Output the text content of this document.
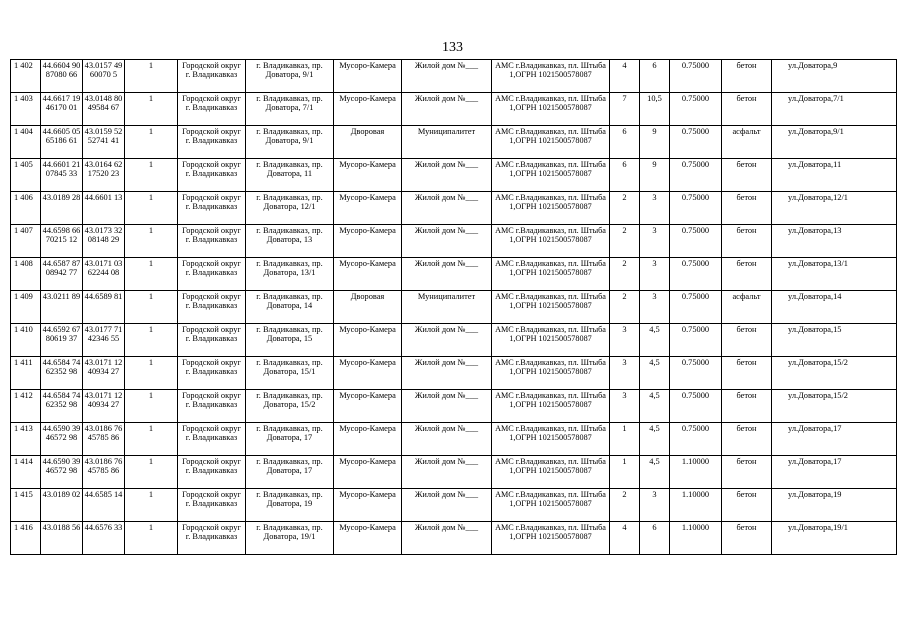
133
1 402	44.6604 9087080 66	43.0157 4960070 5	1	Городской округ г. Владикавказ	г. Владикавказ, пр. Доватора, 9/1	Мусоро-Камера	Жилой дом №___	АМС г.Владикавказ, пл. Штыба 1,ОГРН 1021500578087	4	6	0.75000	бетон	ул.Доватора,9
1 403	44.6617 1946170 01	43.0148 8049584 67	1	Городской округ г. Владикавказ	г. Владикавказ, пр. Доватора, 7/1	Мусоро-Камера	Жилой дом №___	АМС г.Владикавказ, пл. Штыба 1,ОГРН 1021500578087	7	10,5	0.75000	бетон	ул.Доватора,7/1
1 404	44.6605 0565186 61	43.0159 5252741 41	1	Городской округ г. Владикавказ	г. Владикавказ, пр. Доватора, 9/1	Дворовая	Муниципалитет	АМС г.Владикавказ, пл. Штыба 1,ОГРН 1021500578087	6	9	0.75000	асфальт	ул.Доватора,9/1
1 405	44.6601 2107845 33	43.0164 6217520 23	1	Городской округ г. Владикавказ	г. Владикавказ, пр. Доватора, 11	Мусоро-Камера	Жилой дом №___	АМС г.Владикавказ, пл. Штыба 1,ОГРН 1021500578087	6	9	0.75000	бетон	ул.Доватора,11
1 406	43.0189 28	44.6601 13	1	Городской округ г. Владикавказ	г. Владикавказ, пр. Доватора, 12/1	Мусоро-Камера	Жилой дом №___	АМС г.Владикавказ, пл. Штыба 1,ОГРН 1021500578087	2	3	0.75000	бетон	ул.Доватора,12/1
1 407	44.6598 6670215 12	43.0173 3208148 29	1	Городской округ г. Владикавказ	г. Владикавказ, пр. Доватора, 13	Мусоро-Камера	Жилой дом №___	АМС г.Владикавказ, пл. Штыба 1,ОГРН 1021500578087	2	3	0.75000	бетон	ул.Доватора,13
1 408	44.6587 8708942 77	43.0171 0362244 08	1	Городской округ г. Владикавказ	г. Владикавказ, пр. Доватора, 13/1	Мусоро-Камера	Жилой дом №___	АМС г.Владикавказ, пл. Штыба 1,ОГРН 1021500578087	2	3	0.75000	бетон	ул.Доватора,13/1
1 409	43.0211 89	44.6589 81	1	Городской округ г. Владикавказ	г. Владикавказ, пр. Доватора, 14	Дворовая	Муниципалитет	АМС г.Владикавказ, пл. Штыба 1,ОГРН 1021500578087	2	3	0.75000	асфальт	ул.Доватора,14
1 410	44.6592 6780619 37	43.0177 7142346 55	1	Городской округ г. Владикавказ	г. Владикавказ, пр. Доватора, 15	Мусоро-Камера	Жилой дом №___	АМС г.Владикавказ, пл. Штыба 1,ОГРН 1021500578087	3	4,5	0.75000	бетон	ул.Доватора,15
1 411	44.6584 7462352 98	43.0171 1240934 27	1	Городской округ г. Владикавказ	г. Владикавказ, пр. Доватора, 15/1	Мусоро-Камера	Жилой дом №___	АМС г.Владикавказ, пл. Штыба 1,ОГРН 1021500578087	3	4,5	0.75000	бетон	ул.Доватора,15/2
1 412	44.6584 7462352 98	43.0171 1240934 27	1	Городской округ г. Владикавказ	г. Владикавказ, пр. Доватора, 15/2	Мусоро-Камера	Жилой дом №___	АМС г.Владикавказ, пл. Штыба 1,ОГРН 1021500578087	3	4,5	0.75000	бетон	ул.Доватора,15/2
1 413	44.6590 3946572 98	43.0186 7645785 86	1	Городской округ г. Владикавказ	г. Владикавказ, пр. Доватора, 17	Мусоро-Камера	Жилой дом №___	АМС г.Владикавказ, пл. Штыба 1,ОГРН 1021500578087	1	4,5	0.75000	бетон	ул.Доватора,17
1 414	44.6590 3946572 98	43.0186 7645785 86	1	Городской округ г. Владикавказ	г. Владикавказ, пр. Доватора, 17	Мусоро-Камера	Жилой дом №___	АМС г.Владикавказ, пл. Штыба 1,ОГРН 1021500578087	1	4,5	1.10000	бетон	ул.Доватора,17
1 415	43.0189 02	44.6585 14	1	Городской округ г. Владикавказ	г. Владикавказ, пр. Доватора, 19	Мусоро-Камера	Жилой дом №___	АМС г.Владикавказ, пл. Штыба 1,ОГРН 1021500578087	2	3	1.10000	бетон	ул.Доватора,19
1 416	43.0188 56	44.6576 33	1	Городской округ г. Владикавказ	г. Владикавказ, пр. Доватора, 19/1	Мусоро-Камера	Жилой дом №___	АМС г.Владикавказ, пл. Штыба 1,ОГРН 1021500578087	4	6	1.10000	бетон	ул.Доватора,19/1
